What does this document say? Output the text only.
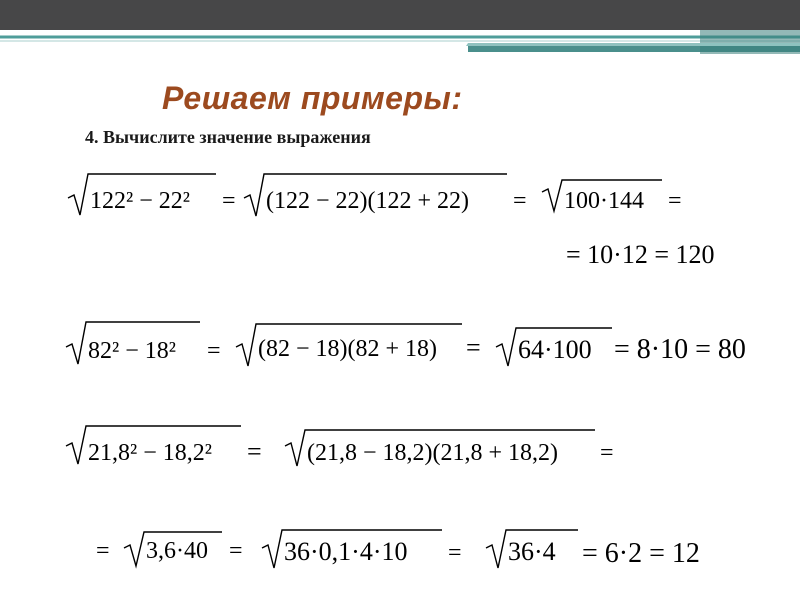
Решаем примеры:
4. Вычислите значение выражения
122² − 22² = (122 − 22)(122 + 22) = 100·144 =
= 10·12 = 120
82² − 18² = (82 − 18)(82 + 18) = 64·100 = 8·10 = 80
21,8² − 18,2² = (21,8 − 18,2)(21,8 + 18,2) =
= 3,6·40 = 36·0,1·4·10 = 36·4 = 6·2 = 12
